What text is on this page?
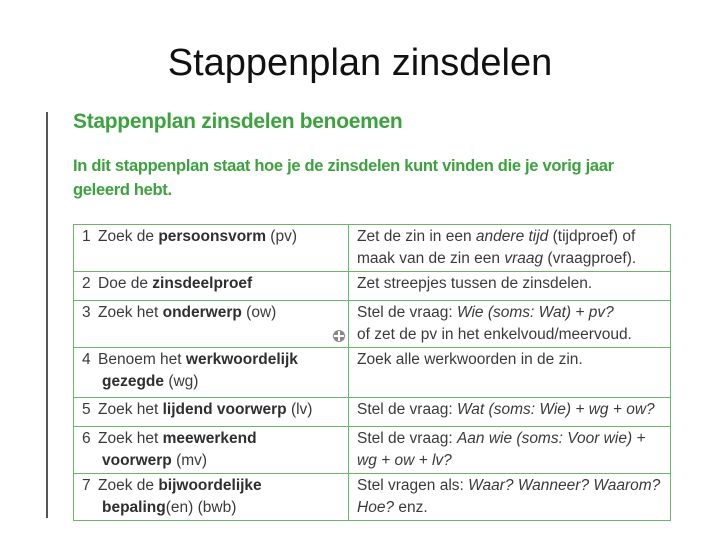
Stappenplan zinsdelen
Stappenplan zinsdelen benoemen
In dit stappenplan staat hoe je de zinsdelen kunt vinden die je vorig jaar geleerd hebt.
1 Zoek de persoonsvorm (pv)	Zet de zin in een andere tijd (tijdproef) of maak van de zin een vraag (vraagproef).
2 Doe de zinsdeelproef	Zet streepjes tussen de zinsdelen.
3 Zoek het onderwerp (ow)	Stel de vraag: Wie (soms: Wat) + pv?
of zet de pv in het enkelvoud/meervoud.
4 Benoem het werkwoordelijk
gezegde (wg)	Zoek alle werkwoorden in de zin.
5 Zoek het lijdend voorwerp (lv)	Stel de vraag: Wat (soms: Wie) + wg + ow?
6 Zoek het meewerkend
voorwerp (mv)	Stel de vraag: Aan wie (soms: Voor wie) + wg + ow + lv?
7 Zoek de bijwoordelijke
bepaling(en) (bwb)	Stel vragen als: Waar? Wanneer? Waarom? Hoe? enz.
